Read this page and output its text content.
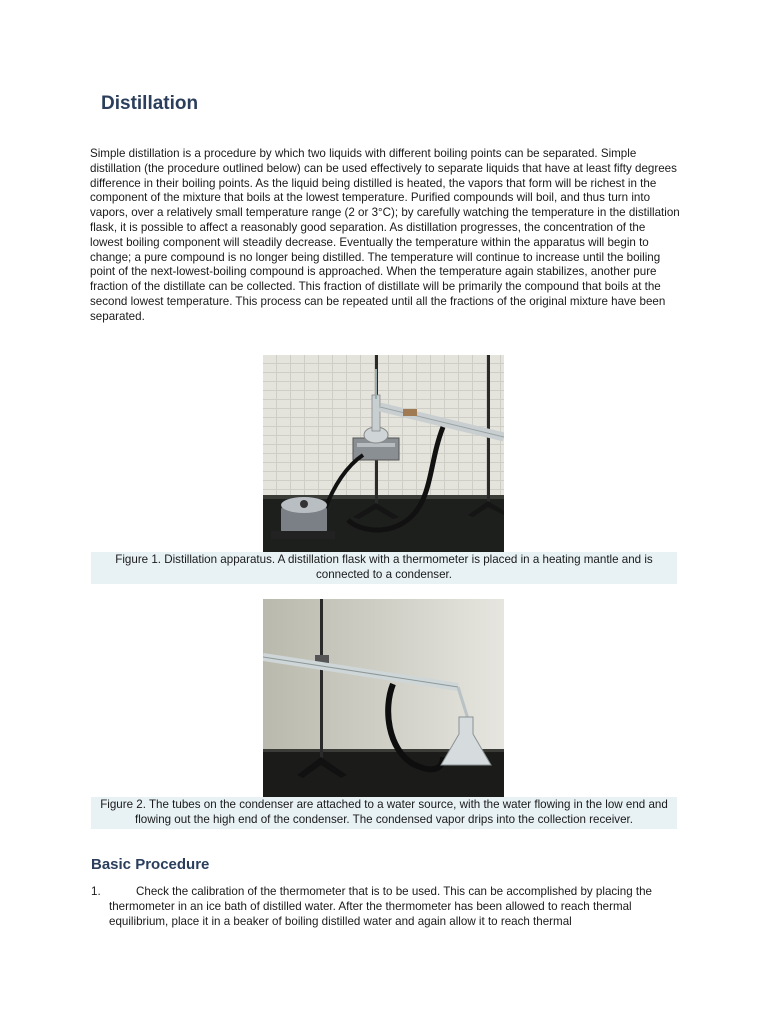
Distillation

Simple distillation is a procedure by which two liquids with different boiling points can be separated. Simple distillation (the procedure outlined below) can be used effectively to separate liquids that have at least fifty degrees difference in their boiling points. As the liquid being distilled is heated, the vapors that form will be richest in the component of the mixture that boils at the lowest temperature. Purified compounds will boil, and thus turn into vapors, over a relatively small temperature range (2 or 3°C); by carefully watching the temperature in the distillation flask, it is possible to affect a reasonably good separation. As distillation progresses, the concentration of the lowest boiling component will steadily decrease. Eventually the temperature within the apparatus will begin to change; a pure compound is no longer being distilled. The temperature will continue to increase until the boiling point of the next-lowest-boiling compound is approached. When the temperature again stabilizes, another pure fraction of the distillate can be collected. This fraction of distillate will be primarily the compound that boils at the second lowest temperature. This process can be repeated until all the fractions of the original mixture have been separated.

Figure 1. Distillation apparatus. A distillation flask with a thermometer is placed in a heating mantle and is connected to a condenser.

Figure 2. The tubes on the condenser are attached to a water source, with the water flowing in the low end and flowing out the high end of the condenser. The condensed vapor drips into the collection receiver.

Basic Procedure
1.	Check the calibration of the thermometer that is to be used. This can be accomplished by placing the thermometer in an ice bath of distilled water. After the thermometer has been allowed to reach thermal equilibrium, place it in a beaker of boiling distilled water and again allow it to reach thermal
